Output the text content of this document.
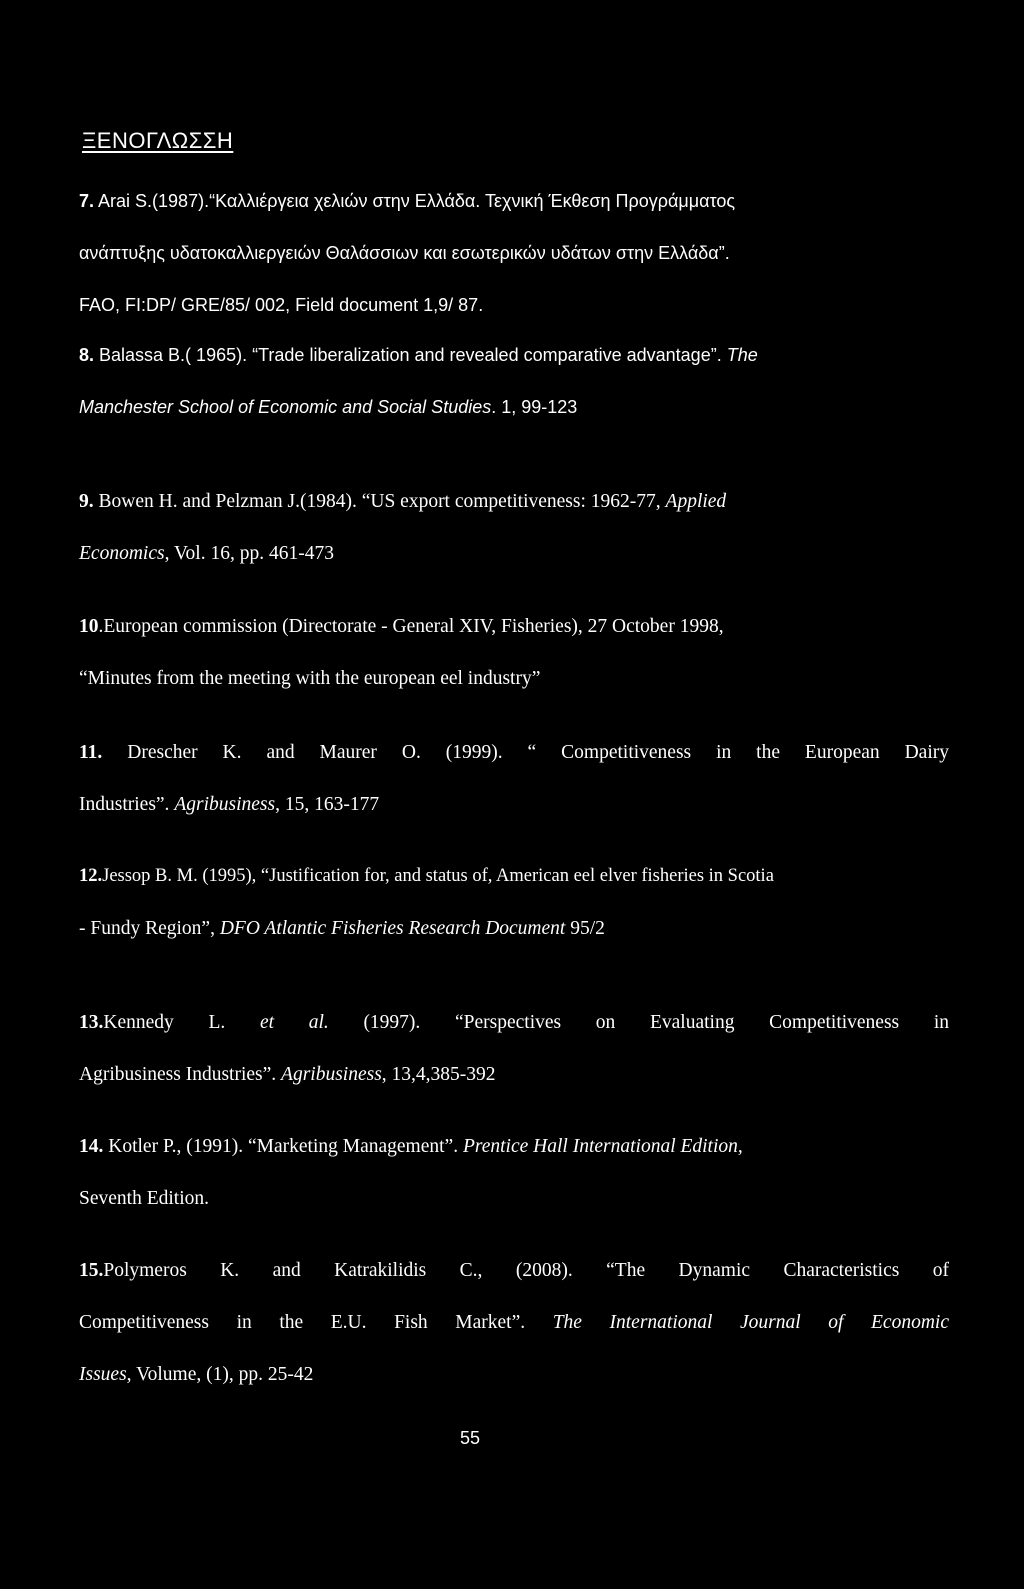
ΞΕΝΟΓΛΩΣΣΗ
7. Arai S.(1987).“Καλλιέργεια χελιών στην Ελλάδα. Τεχνική Έκθεση Προγράμματος
ανάπτυξης υδατοκαλλιεργειών Θαλάσσιων και εσωτερικών υδάτων στην Ελλάδα”.
FAO, FI:DP/ GRE/85/ 002, Field document 1,9/ 87.
8. Balassa B.( 1965). “Trade liberalization and revealed comparative advantage”. The
Manchester School of Economic and Social Studies. 1, 99-123
9. Bowen H. and Pelzman J.(1984). “US export competitiveness: 1962-77, Applied
Economics, Vol. 16, pp. 461-473
10.European commission (Directorate - General XIV, Fisheries), 27 October 1998,
“Minutes from the meeting with the european eel industry”
11. Drescher K. and Maurer O. (1999). “ Competitiveness in the European Dairy
Industries”. Agribusiness, 15, 163-177
12.Jessop B. M. (1995), “Justification for, and status of, American eel elver fisheries in Scotia
- Fundy Region”, DFO Atlantic Fisheries Research Document 95/2
13.Kennedy L. et al. (1997). “Perspectives on Evaluating Competitiveness in
Agribusiness Industries”. Agribusiness, 13,4,385-392
14. Kotler P., (1991). “Marketing Management”. Prentice Hall International Edition,
Seventh Edition.
15.Polymeros K. and Katrakilidis C., (2008). “The Dynamic Characteristics of
Competitiveness in the E.U. Fish Market”. The International Journal of Economic
Issues, Volume, (1), pp. 25-42
55
